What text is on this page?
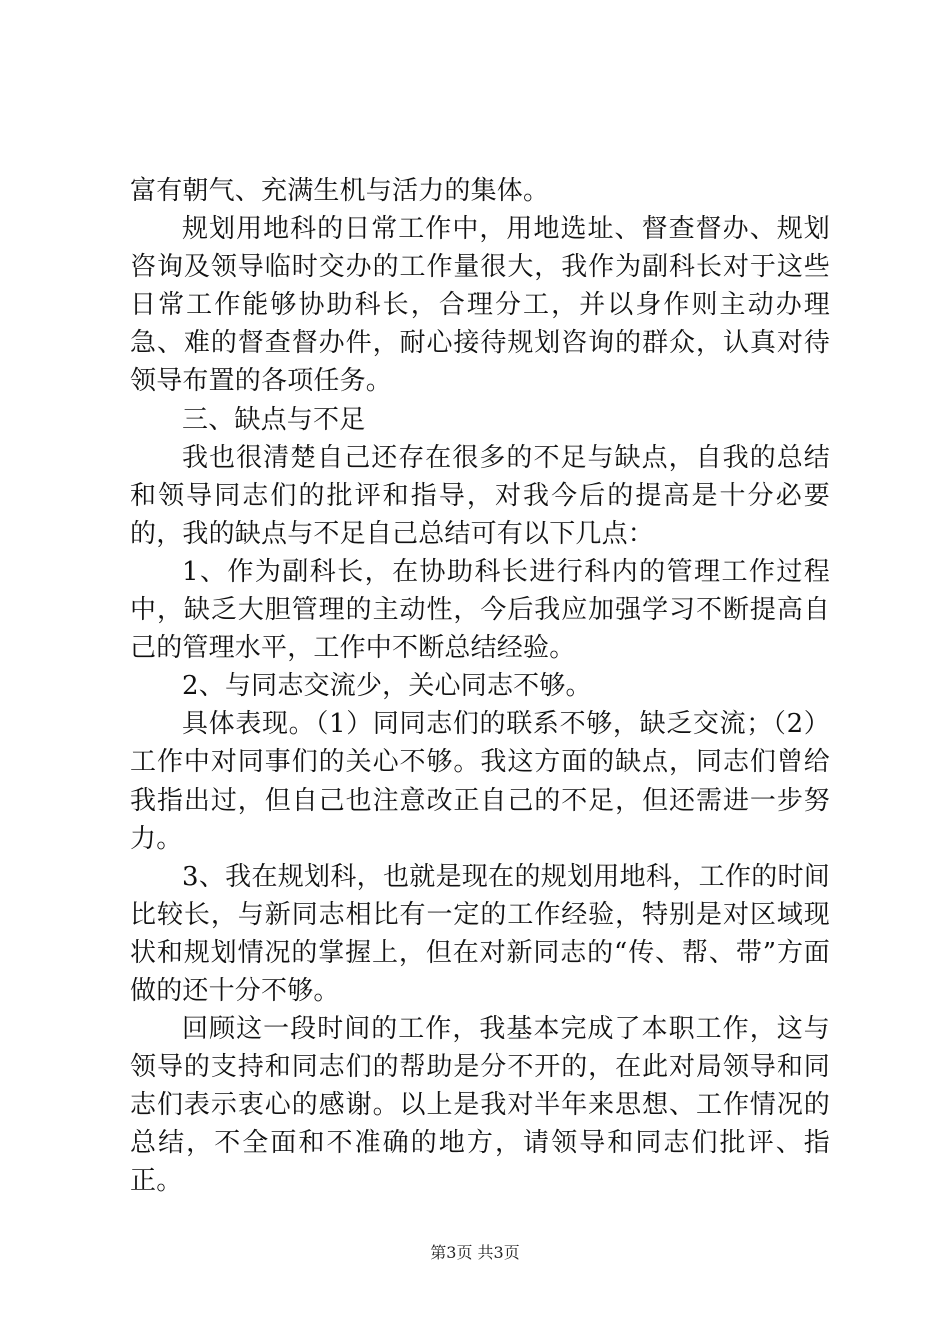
富有朝气、充满生机与活力的集体。

规划用地科的日常工作中，用地选址、督查督办、规划咨询及领导临时交办的工作量很大，我作为副科长对于这些日常工作能够协助科长，合理分工，并以身作则主动办理急、难的督查督办件，耐心接待规划咨询的群众，认真对待领导布置的各项任务。

三、缺点与不足

我也很清楚自己还存在很多的不足与缺点，自我的总结和领导同志们的批评和指导，对我今后的提高是十分必要的，我的缺点与不足自己总结可有以下几点：

1、作为副科长，在协助科长进行科内的管理工作过程中，缺乏大胆管理的主动性，今后我应加强学习不断提高自己的管理水平，工作中不断总结经验。

2、与同志交流少，关心同志不够。

具体表现。（1）同同志们的联系不够，缺乏交流；（2）工作中对同事们的关心不够。我这方面的缺点，同志们曾给我指出过，但自己也注意改正自己的不足，但还需进一步努力。

3、我在规划科，也就是现在的规划用地科，工作的时间比较长，与新同志相比有一定的工作经验，特别是对区域现状和规划情况的掌握上，但在对新同志的“传、帮、带”方面做的还十分不够。

回顾这一段时间的工作，我基本完成了本职工作，这与领导的支持和同志们的帮助是分不开的，在此对局领导和同志们表示衷心的感谢。以上是我对半年来思想、工作情况的总结，不全面和不准确的地方，请领导和同志们批评、指正。

第3页 共3页
